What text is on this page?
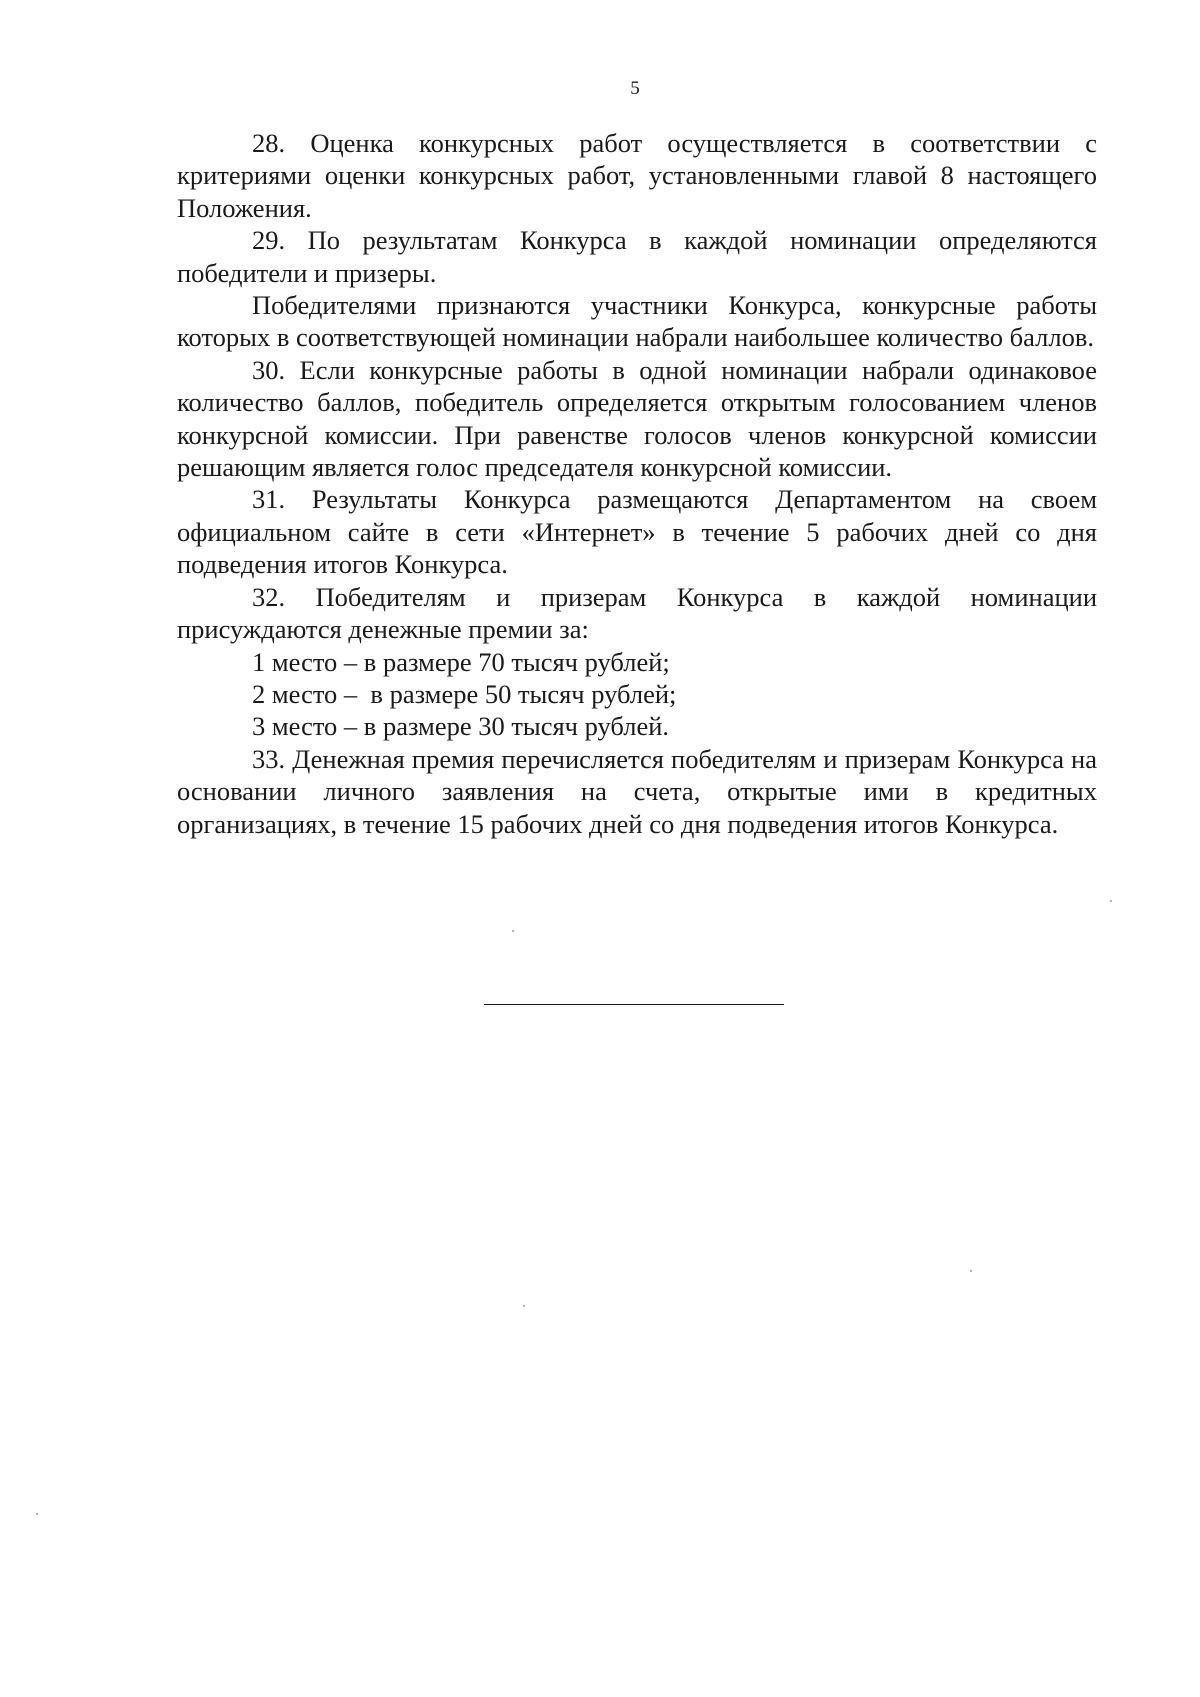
5

28. Оценка конкурсных работ осуществляется в соответствии с критериями оценки конкурсных работ, установленными главой 8 настоящего Положения.

29. По результатам Конкурса в каждой номинации определяются победители и призеры.

Победителями признаются участники Конкурса, конкурсные работы которых в соответствующей номинации набрали наибольшее количество баллов.

30. Если конкурсные работы в одной номинации набрали одинаковое количество баллов, победитель определяется открытым голосованием членов конкурсной комиссии. При равенстве голосов членов конкурсной комиссии решающим является голос председателя конкурсной комиссии.

31. Результаты Конкурса размещаются Департаментом на своем официальном сайте в сети «Интернет» в течение 5 рабочих дней со дня подведения итогов Конкурса.

32. Победителям и призерам Конкурса в каждой номинации присуждаются денежные премии за:

1 место – в размере 70 тысяч рублей;

2 место –  в размере 50 тысяч рублей;

3 место – в размере 30 тысяч рублей.

33. Денежная премия перечисляется победителям и призерам Конкурса на основании личного заявления на счета, открытые ими в кредитных организациях, в течение 15 рабочих дней со дня подведения итогов Конкурса.
